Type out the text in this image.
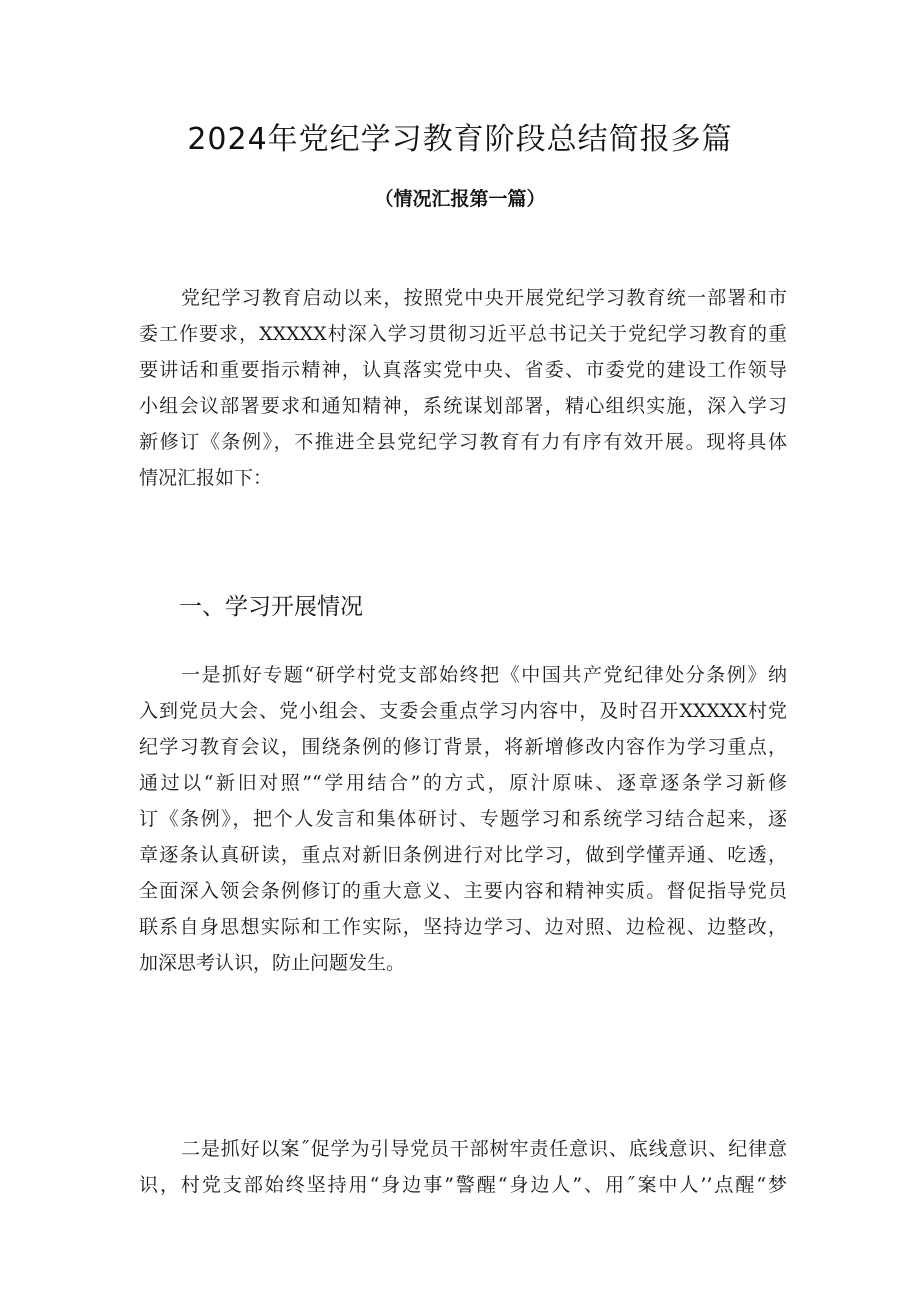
2024年党纪学习教育阶段总结简报多篇
（情况汇报第一篇）
党纪学习教育启动以来，按照党中央开展党纪学习教育统一部署和市
委工作要求，XXXXX村深入学习贯彻习近平总书记关于党纪学习教育的重
要讲话和重要指示精神，认真落实党中央、省委、市委党的建设工作领导
小组会议部署要求和通知精神，系统谋划部署，精心组织实施，深入学习
新修订《条例》，不推进全县党纪学习教育有力有序有效开展。现将具体
情况汇报如下：
一、学习开展情况
一是抓好专题“研学村党支部始终把《中国共产党纪律处分条例》纳
入到党员大会、党小组会、支委会重点学习内容中，及时召开XXXXX村党
纪学习教育会议，围绕条例的修订背景，将新增修改内容作为学习重点，
通过以“新旧对照”“学用结合”的方式，原汁原味、逐章逐条学习新修
订《条例》，把个人发言和集体研讨、专题学习和系统学习结合起来，逐
章逐条认真研读，重点对新旧条例进行对比学习，做到学懂弄通、吃透，
全面深入领会条例修订的重大意义、主要内容和精神实质。督促指导党员
联系自身思想实际和工作实际，坚持边学习、边对照、边检视、边整改，
加深思考认识，防止问题发生。
二是抓好以案˝促学为引导党员干部树牢责任意识、底线意识、纪律意
识，村党支部始终坚持用“身边事”警醒“身边人”、用˝案中人’’点醒“梦
